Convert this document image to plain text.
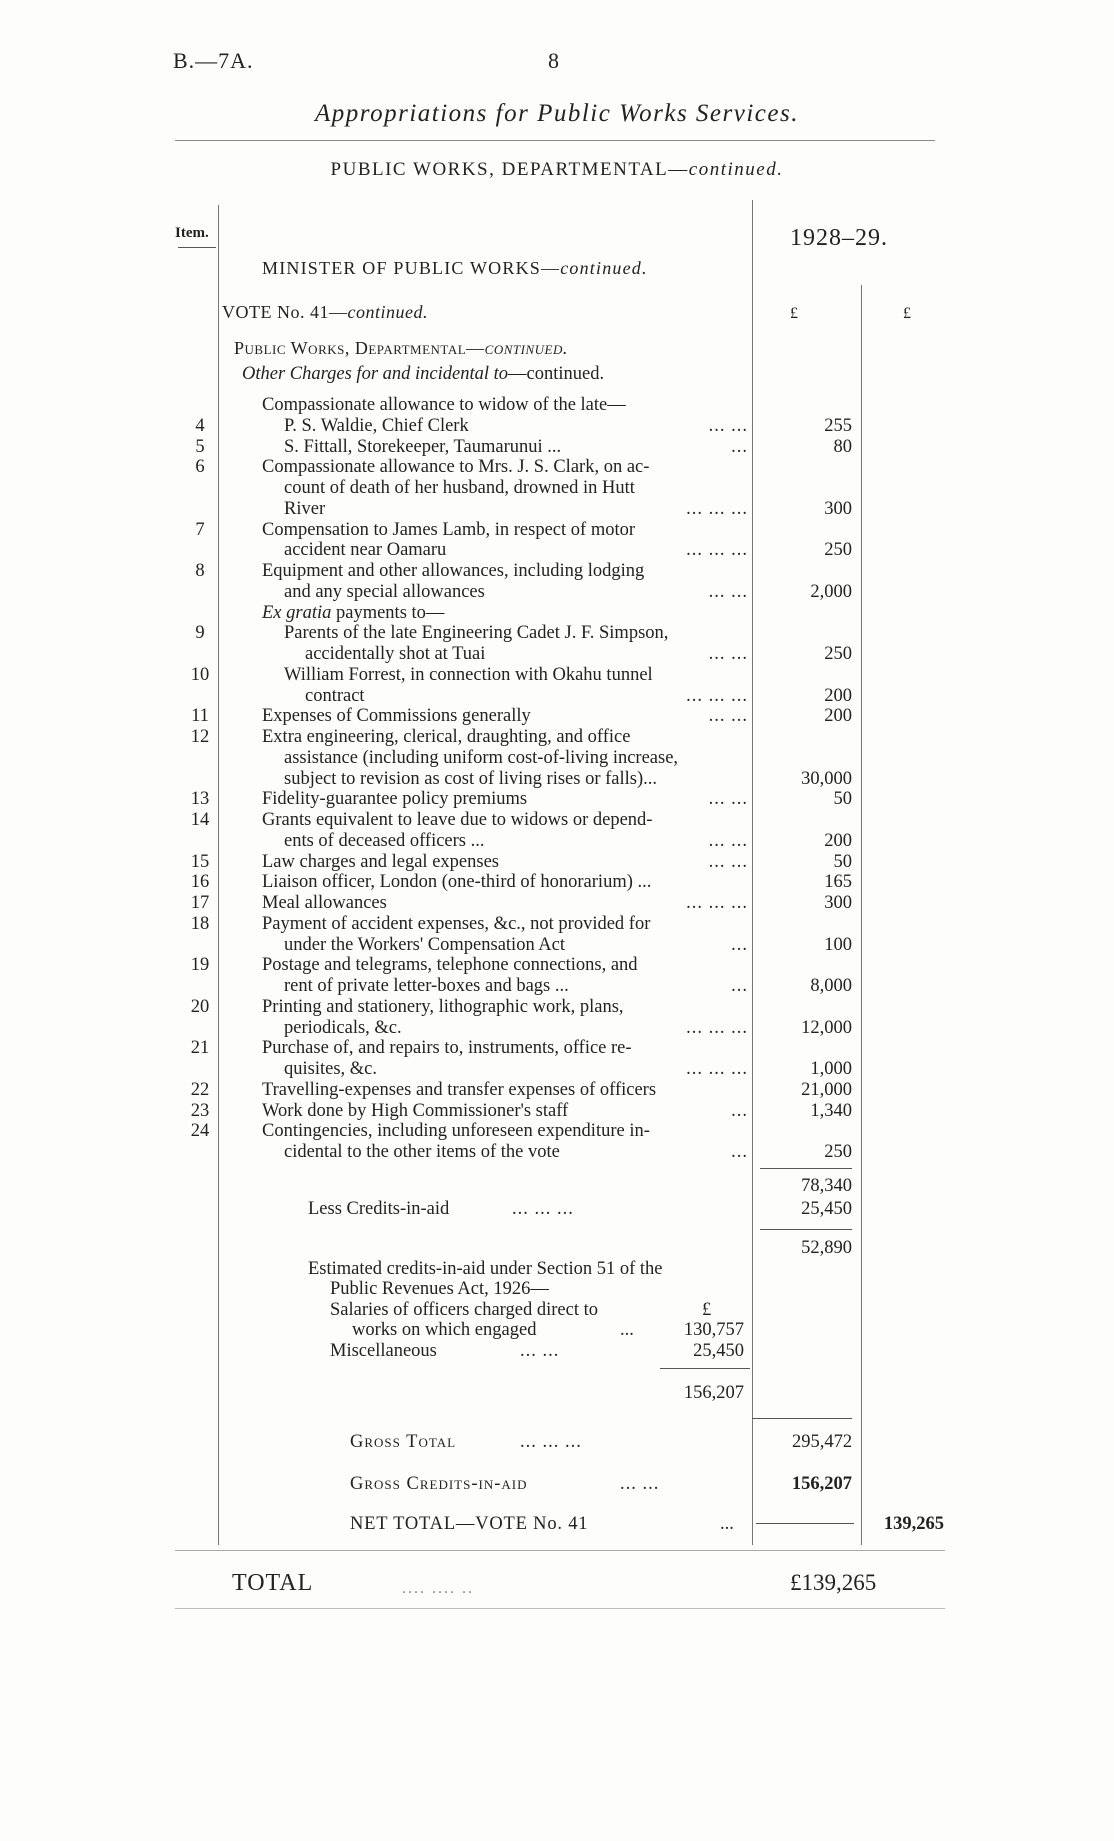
B.—7A.	8
Appropriations for Public Works Services.
PUBLIC WORKS, DEPARTMENTAL—continued.
Item.	1928–29.
MINISTER OF PUBLIC WORKS—continued.
VOTE No. 41—continued.	£	£
Public Works, Departmental—continued.
Other Charges for and incidental to—continued.
Compassionate allowance to widow of the late—
4	P. S. Waldie, Chief Clerk	... ...	255
5	S. Fittall, Storekeeper, Taumarunui ...	...	80
6	Compassionate allowance to Mrs. J. S. Clark, on ac-
count of death of her husband, drowned in Hutt
River	... ... ...	300
7	Compensation to James Lamb, in respect of motor
accident near Oamaru	... ... ...	250
8	Equipment and other allowances, including lodging
and any special allowances	... ...	2,000
Ex gratia payments to—
9	Parents of the late Engineering Cadet J. F. Simpson,
accidentally shot at Tuai	... ...	250
10	William Forrest, in connection with Okahu tunnel
contract	... ... ...	200
11	Expenses of Commissions generally	... ...	200
12	Extra engineering, clerical, draughting, and office
assistance (including uniform cost-of-living increase,
subject to revision as cost of living rises or falls)...	30,000
13	Fidelity-guarantee policy premiums	... ...	50
14	Grants equivalent to leave due to widows or depend-
ents of deceased officers ...	... ...	200
15	Law charges and legal expenses	... ...	50
16	Liaison officer, London (one-third of honorarium) ...	165
17	Meal allowances	... ... ...	300
18	Payment of accident expenses, &c., not provided for
under the Workers' Compensation Act	...	100
19	Postage and telegrams, telephone connections, and
rent of private letter-boxes and bags ...	...	8,000
20	Printing and stationery, lithographic work, plans,
periodicals, &c.	... ... ...	12,000
21	Purchase of, and repairs to, instruments, office re-
quisites, &c.	... ... ...	1,000
22	Travelling-expenses and transfer expenses of officers	21,000
23	Work done by High Commissioner's staff	...	1,340
24	Contingencies, including unforeseen expenditure in-
cidental to the other items of the vote	...	250
78,340
Less Credits-in-aid	... ... ...	25,450
52,890
Estimated credits-in-aid under Section 51 of the
Public Revenues Act, 1926—
Salaries of officers charged direct to	£
works on which engaged	...	130,757
Miscellaneous	... ...	25,450
156,207
Gross Total	... ... ...	295,472
Gross Credits-in-aid	... ...	156,207
NET TOTAL—VOTE No. 41	...	139,265
TOTAL	.... .... ..	£139,265
